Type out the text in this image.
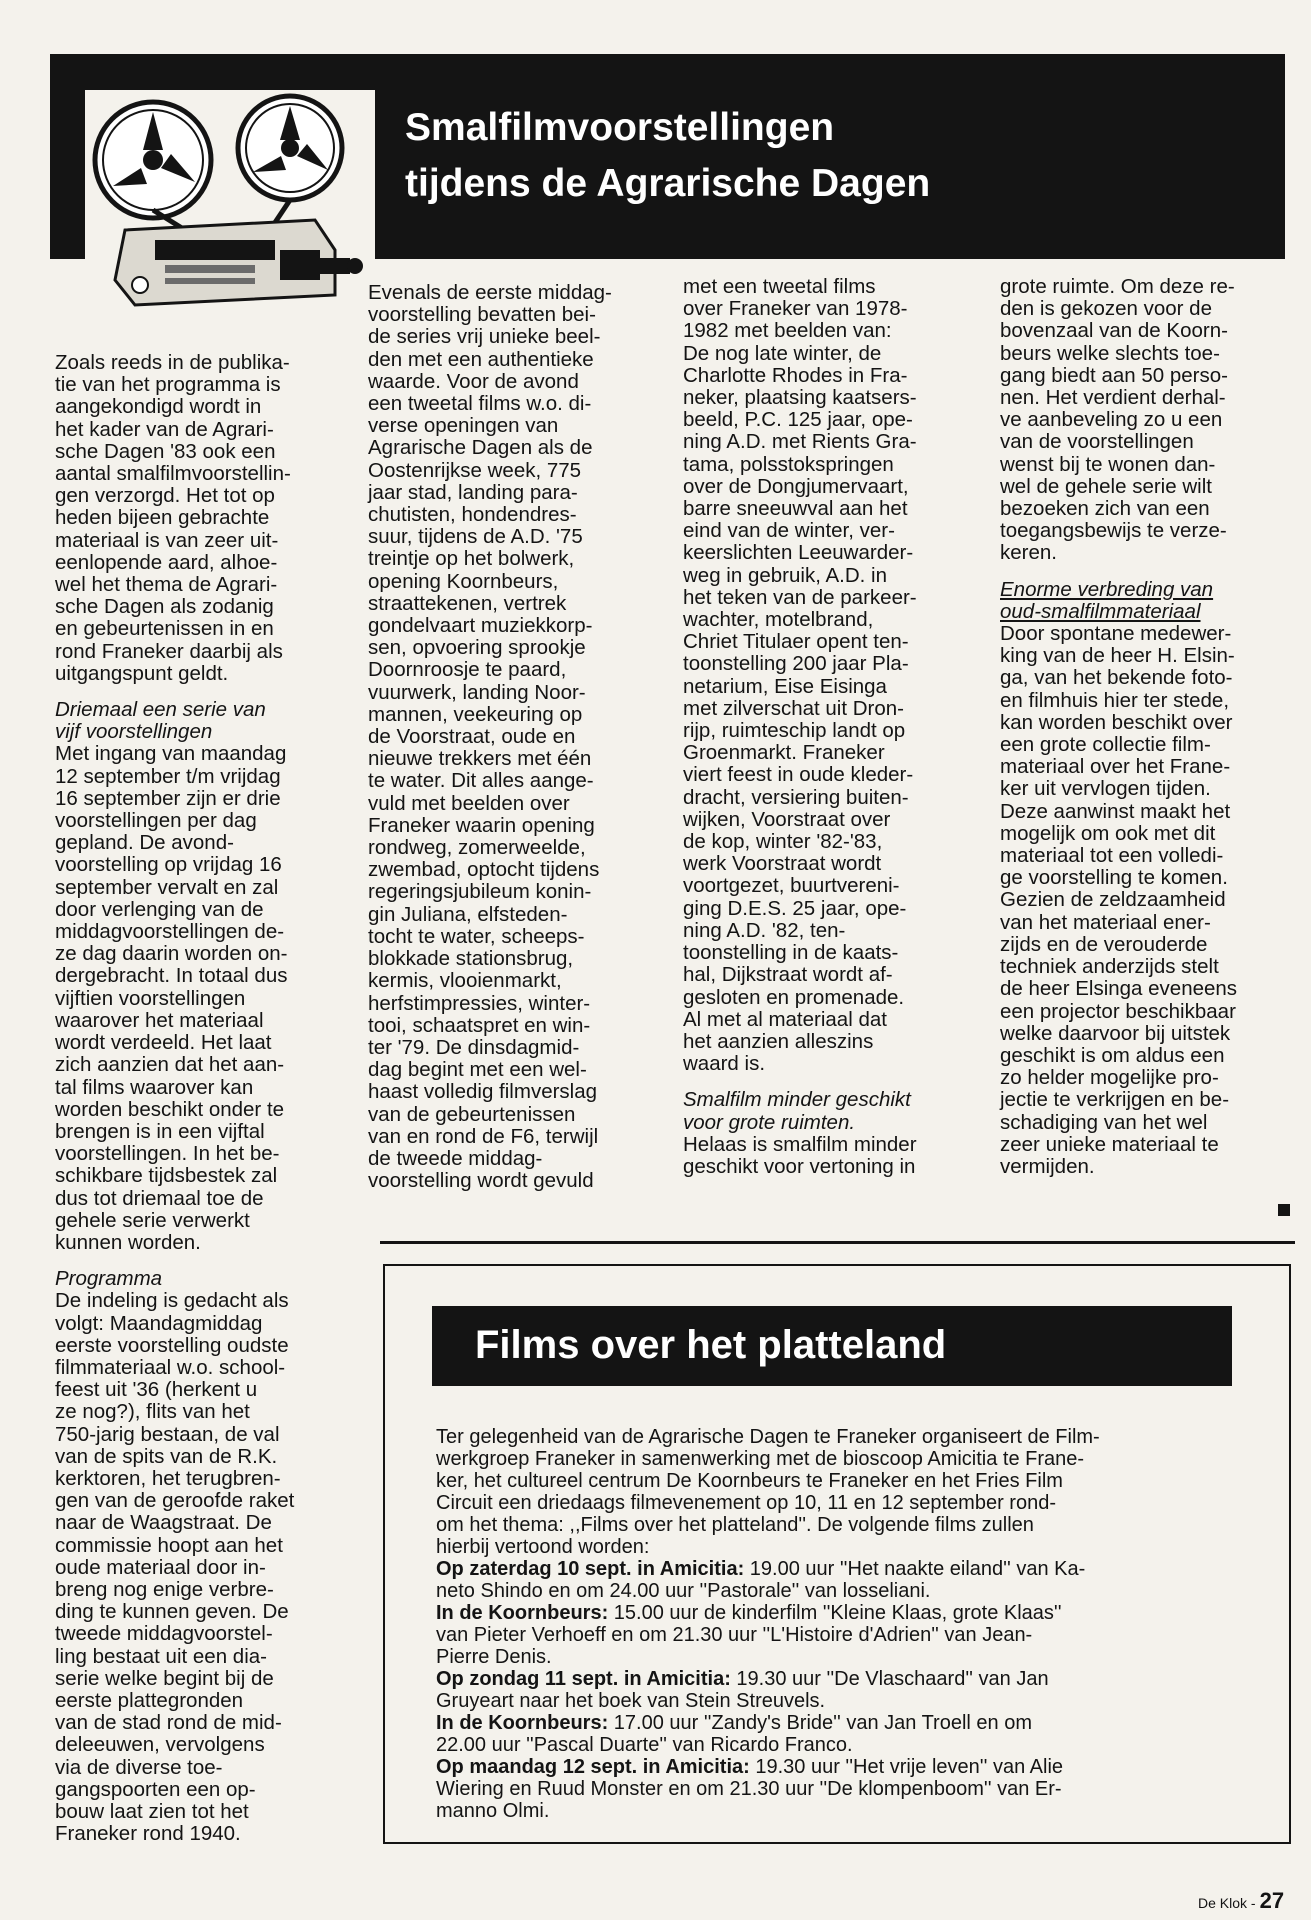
Smalfilmvoorstellingen
tijdens de Agrarische Dagen

Zoals reeds in de publika-
tie van het programma is
aangekondigd wordt in
het kader van de Agrari-
sche Dagen '83 ook een
aantal smalfilmvoorstellin-
gen verzorgd. Het tot op
heden bijeen gebrachte
materiaal is van zeer uit-
eenlopende aard, alhoe-
wel het thema de Agrari-
sche Dagen als zodanig
en gebeurtenissen in en
rond Franeker daarbij als
uitgangspunt geldt.

Driemaal een serie van
vijf voorstellingen

Met ingang van maandag
12 september t/m vrijdag
16 september zijn er drie
voorstellingen per dag
gepland. De avond-
voorstelling op vrijdag 16
september vervalt en zal
door verlenging van de
middagvoorstellingen de-
ze dag daarin worden on-
dergebracht. In totaal dus
vijftien voorstellingen
waarover het materiaal
wordt verdeeld. Het laat
zich aanzien dat het aan-
tal films waarover kan
worden beschikt onder te
brengen is in een vijftal
voorstellingen. In het be-
schikbare tijdsbestek zal
dus tot driemaal toe de
gehele serie verwerkt
kunnen worden.

Programma

De indeling is gedacht als
volgt: Maandagmiddag
eerste voorstelling oudste
filmmateriaal w.o. school-
feest uit '36 (herkent u
ze nog?), flits van het
750-jarig bestaan, de val
van de spits van de R.K.
kerktoren, het terugbren-
gen van de geroofde raket
naar de Waagstraat. De
commissie hoopt aan het
oude materiaal door in-
breng nog enige verbre-
ding te kunnen geven. De
tweede middagvoorstel-
ling bestaat uit een dia-
serie welke begint bij de
eerste plattegronden
van de stad rond de mid-
deleeuwen, vervolgens
via de diverse toe-
gangspoorten een op-
bouw laat zien tot het
Franeker rond 1940.

Evenals de eerste middag-
voorstelling bevatten bei-
de series vrij unieke beel-
den met een authentieke
waarde. Voor de avond
een tweetal films w.o. di-
verse openingen van
Agrarische Dagen als de
Oostenrijkse week, 775
jaar stad, landing para-
chutisten, hondendres-
suur, tijdens de A.D. '75
treintje op het bolwerk,
opening Koornbeurs,
straattekenen, vertrek
gondelvaart muziekkorp-
sen, opvoering sprookje
Doornroosje te paard,
vuurwerk, landing Noor-
mannen, veekeuring op
de Voorstraat, oude en
nieuwe trekkers met één
te water. Dit alles aange-
vuld met beelden over
Franeker waarin opening
rondweg, zomerweelde,
zwembad, optocht tijdens
regeringsjubileum konin-
gin Juliana, elfsteden-
tocht te water, scheeps-
blokkade stationsbrug,
kermis, vlooienmarkt,
herfstimpressies, winter-
tooi, schaatspret en win-
ter '79. De dinsdagmid-
dag begint met een wel-
haast volledig filmverslag
van de gebeurtenissen
van en rond de F6, terwijl
de tweede middag-
voorstelling wordt gevuld

met een tweetal films
over Franeker van 1978-
1982 met beelden van:
De nog late winter, de
Charlotte Rhodes in Fra-
neker, plaatsing kaatsers-
beeld, P.C. 125 jaar, ope-
ning A.D. met Rients Gra-
tama, polsstokspringen
over de Dongjumervaart,
barre sneeuwval aan het
eind van de winter, ver-
keerslichten Leeuwarder-
weg in gebruik, A.D. in
het teken van de parkeer-
wachter, motelbrand,
Chriet Titulaer opent ten-
toonstelling 200 jaar Pla-
netarium, Eise Eisinga
met zilverschat uit Dron-
rijp, ruimteschip landt op
Groenmarkt. Franeker
viert feest in oude kleder-
dracht, versiering buiten-
wijken, Voorstraat over
de kop, winter '82-'83,
werk Voorstraat wordt
voortgezet, buurtvereni-
ging D.E.S. 25 jaar, ope-
ning A.D. '82, ten-
toonstelling in de kaats-
hal, Dijkstraat wordt af-
gesloten en promenade.
Al met al materiaal dat
het aanzien alleszins
waard is.

Smalfilm minder geschikt
voor grote ruimten.

Helaas is smalfilm minder
geschikt voor vertoning in

grote ruimte. Om deze re-
den is gekozen voor de
bovenzaal van de Koorn-
beurs welke slechts toe-
gang biedt aan 50 perso-
nen. Het verdient derhal-
ve aanbeveling zo u een
van de voorstellingen
wenst bij te wonen dan-
wel de gehele serie wilt
bezoeken zich van een
toegangsbewijs te verze-
keren.

Enorme verbreding van
oud-smalfilmmateriaal

Door spontane medewer-
king van de heer H. Elsin-
ga, van het bekende foto-
en filmhuis hier ter stede,
kan worden beschikt over
een grote collectie film-
materiaal over het Frane-
ker uit vervlogen tijden.
Deze aanwinst maakt het
mogelijk om ook met dit
materiaal tot een volledi-
ge voorstelling te komen.
Gezien de zeldzaamheid
van het materiaal ener-
zijds en de verouderde
techniek anderzijds stelt
de heer Elsinga eveneens
een projector beschikbaar
welke daarvoor bij uitstek
geschikt is om aldus een
zo helder mogelijke pro-
jectie te verkrijgen en be-
schadiging van het wel
zeer unieke materiaal te
vermijden.

Films over het platteland

Ter gelegenheid van de Agrarische Dagen te Franeker organiseert de Film-
werkgroep Franeker in samenwerking met de bioscoop Amicitia te Frane-
ker, het cultureel centrum De Koornbeurs te Franeker en het Fries Film
Circuit een driedaags filmevenement op 10, 11 en 12 september rond-
om het thema: ,,Films over het platteland''. De volgende films zullen
hierbij vertoond worden:

Op zaterdag 10 sept. in Amicitia: 19.00 uur ''Het naakte eiland'' van Ka-
neto Shindo en om 24.00 uur ''Pastorale'' van losseliani.

In de Koornbeurs: 15.00 uur de kinderfilm ''Kleine Klaas, grote Klaas''
van Pieter Verhoeff en om 21.30 uur ''L'Histoire d'Adrien'' van Jean-
Pierre Denis.

Op zondag 11 sept. in Amicitia: 19.30 uur ''De Vlaschaard'' van Jan
Gruyeart naar het boek van Stein Streuvels.

In de Koornbeurs: 17.00 uur ''Zandy's Bride'' van Jan Troell en om
22.00 uur ''Pascal Duarte'' van Ricardo Franco.

Op maandag 12 sept. in Amicitia: 19.30 uur ''Het vrije leven'' van Alie
Wiering en Ruud Monster en om 21.30 uur ''De klompenboom'' van Er-
manno Olmi.

De Klok - 27
